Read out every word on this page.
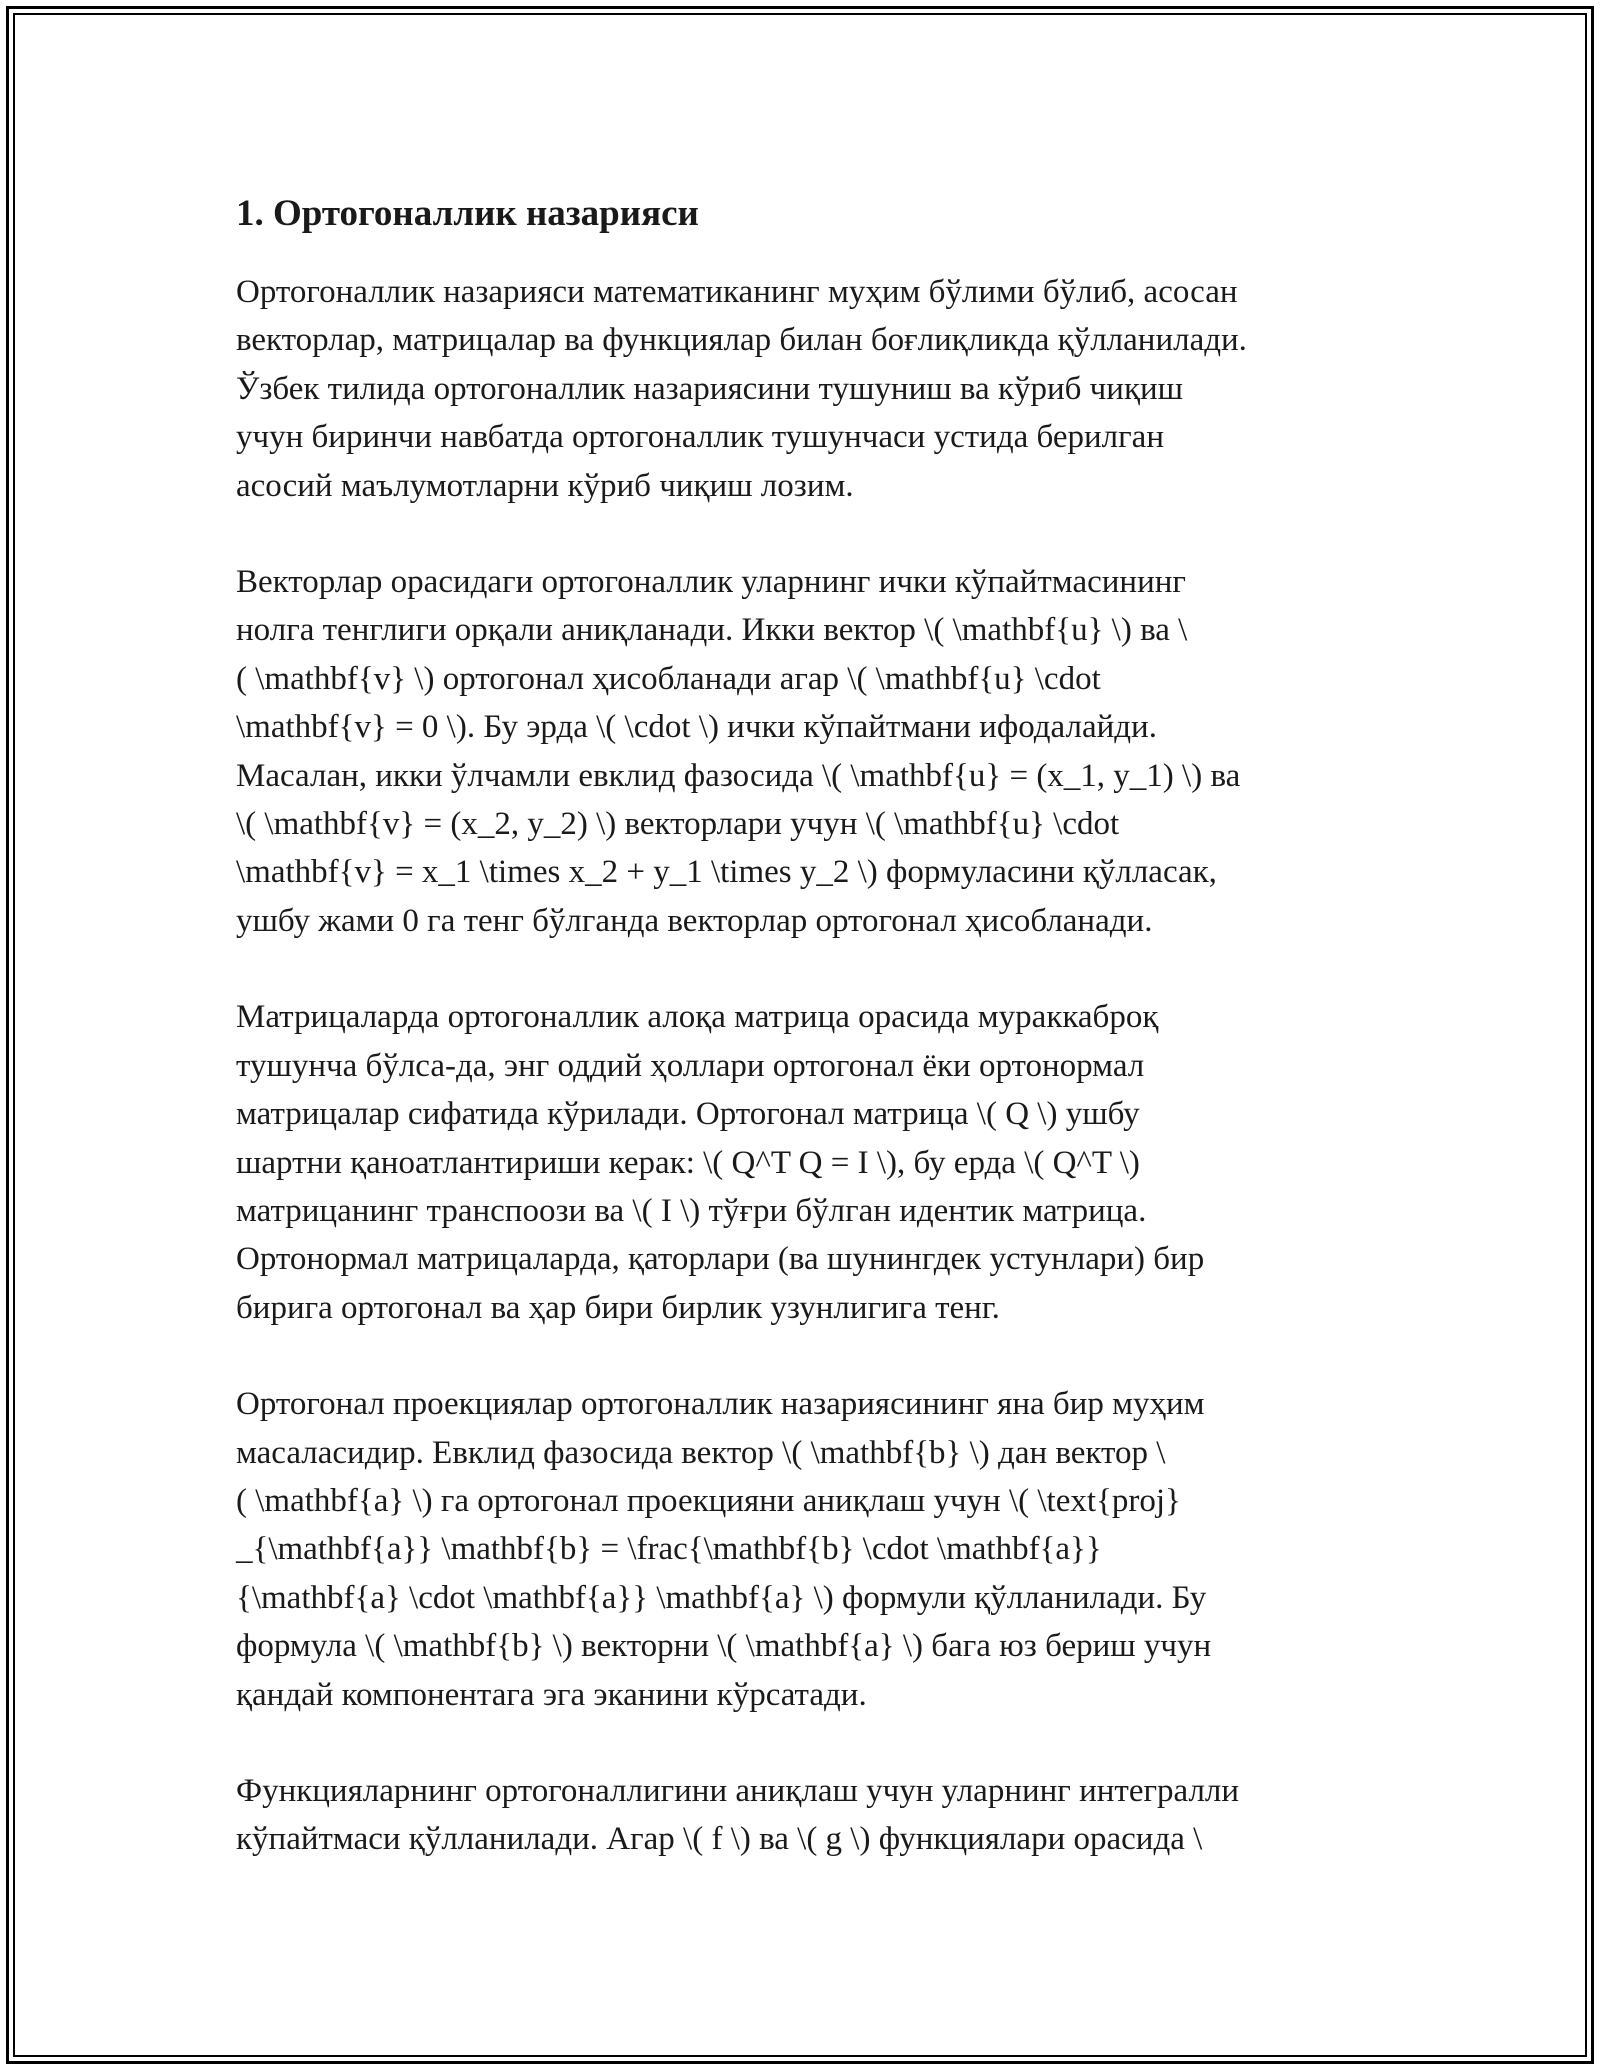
1. Ортогоналлик назарияси

Ортогоналлик назарияси математиканинг муҳим бўлими бўлиб, асосан
векторлар, матрицалар ва функциялар билан боғлиқликда қўлланилади.
Ўзбек тилида ортогоналлик назариясини тушуниш ва кўриб чиқиш
учун биринчи навбатда ортогоналлик тушунчаси устида берилган
асосий маълумотларни кўриб чиқиш лозим.

Векторлар орасидаги ортогоналлик уларнинг ички кўпайтмасининг
нолга тенглиги орқали аниқланади. Икки вектор \( \mathbf{u} \) ва \
( \mathbf{v} \) ортогонал ҳисобланади агар \( \mathbf{u} \cdot
\mathbf{v} = 0 \). Бу эрда \( \cdot \) ички кўпайтмани ифодалайди.
Масалан, икки ўлчамли евклид фазосида \( \mathbf{u} = (x_1, y_1) \) ва
\( \mathbf{v} = (x_2, y_2) \) векторлари учун \( \mathbf{u} \cdot
\mathbf{v} = x_1 \times x_2 + y_1 \times y_2 \) формуласини қўлласак,
ушбу жами 0 га тенг бўлганда векторлар ортогонал ҳисобланади.

Матрицаларда ортогоналлик алоқа матрица орасида мураккаброқ
тушунча бўлса-да, энг оддий ҳоллари ортогонал ёки ортонормал
матрицалар сифатида кўрилади. Ортогонал матрица \( Q \) ушбу
шартни қаноатлантириши керак: \( Q^T Q = I \), бу ерда \( Q^T \)
матрицанинг транспоози ва \( I \) тўғри бўлган идентик матрица.
Ортонормал матрицаларда, қаторлари (ва шунингдек устунлари) бир
бирига ортогонал ва ҳар бири бирлик узунлигига тенг.

Ортогонал проекциялар ортогоналлик назариясининг яна бир муҳим
масаласидир. Евклид фазосида вектор \( \mathbf{b} \) дан вектор \
( \mathbf{a} \) га ортогонал проекцияни аниқлаш учун \( \text{proj}
_{\mathbf{a}} \mathbf{b} = \frac{\mathbf{b} \cdot \mathbf{a}}
{\mathbf{a} \cdot \mathbf{a}} \mathbf{a} \) формули қўлланилади. Бу
формула \( \mathbf{b} \) векторни \( \mathbf{a} \) бага юз бериш учун
қандай компонентага эга эканини кўрсатади.

Функцияларнинг ортогоналлигини аниқлаш учун уларнинг интегралли
кўпайтмаси қўлланилади. Агар \( f \) ва \( g \) функциялари орасида \
